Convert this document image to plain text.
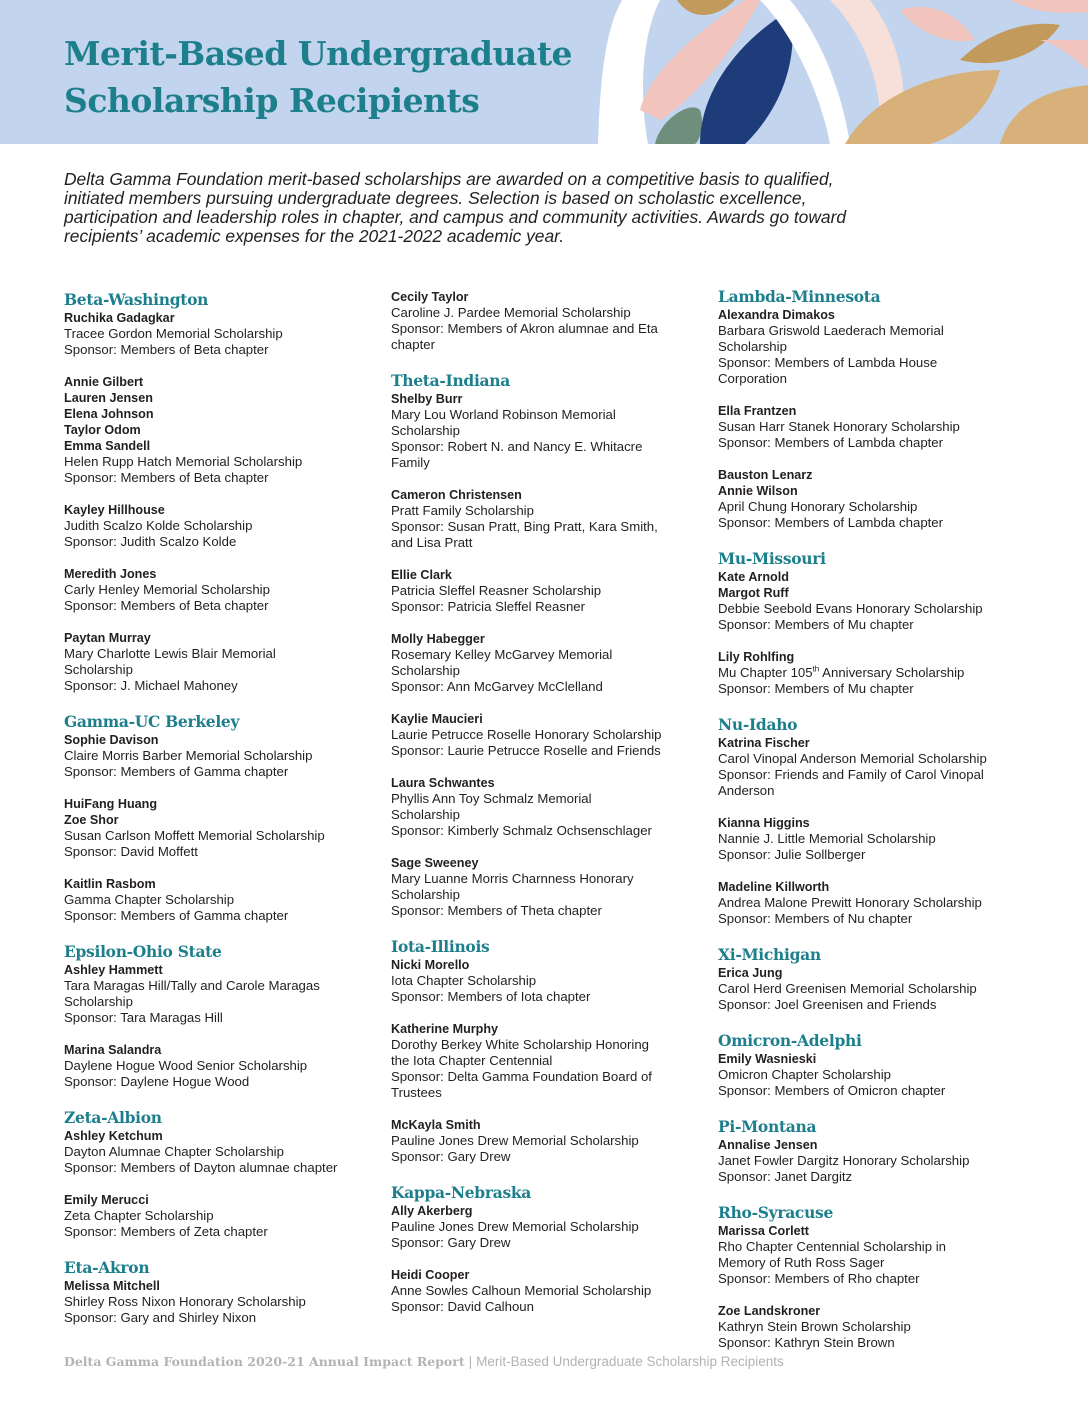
Merit-Based Undergraduate
Scholarship Recipients

Delta Gamma Foundation merit-based scholarships are awarded on a competitive basis to qualified,
initiated members pursuing undergraduate degrees. Selection is based on scholastic excellence,
participation and leadership roles in chapter, and campus and community activities. Awards go toward
recipients’ academic expenses for the 2021-2022 academic year.

Beta-Washington
Ruchika Gadagkar
Tracee Gordon Memorial Scholarship
Sponsor: Members of Beta chapter
Annie Gilbert
Lauren Jensen
Elena Johnson
Taylor Odom
Emma Sandell
Helen Rupp Hatch Memorial Scholarship
Sponsor: Members of Beta chapter
Kayley Hillhouse
Judith Scalzo Kolde Scholarship
Sponsor: Judith Scalzo Kolde
Meredith Jones
Carly Henley Memorial Scholarship
Sponsor: Members of Beta chapter
Paytan Murray
Mary Charlotte Lewis Blair Memorial
Scholarship
Sponsor: J. Michael Mahoney
Gamma-UC Berkeley
Sophie Davison
Claire Morris Barber Memorial Scholarship
Sponsor: Members of Gamma chapter
HuiFang Huang
Zoe Shor
Susan Carlson Moffett Memorial Scholarship
Sponsor: David Moffett
Kaitlin Rasbom
Gamma Chapter Scholarship
Sponsor: Members of Gamma chapter
Epsilon-Ohio State
Ashley Hammett
Tara Maragas Hill/Tally and Carole Maragas
Scholarship
Sponsor: Tara Maragas Hill
Marina Salandra
Daylene Hogue Wood Senior Scholarship
Sponsor: Daylene Hogue Wood
Zeta-Albion
Ashley Ketchum
Dayton Alumnae Chapter Scholarship
Sponsor: Members of Dayton alumnae chapter
Emily Merucci
Zeta Chapter Scholarship
Sponsor: Members of Zeta chapter
Eta-Akron
Melissa Mitchell
Shirley Ross Nixon Honorary Scholarship
Sponsor: Gary and Shirley Nixon
Cecily Taylor
Caroline J. Pardee Memorial Scholarship
Sponsor: Members of Akron alumnae and Eta
chapter
Theta-Indiana
Shelby Burr
Mary Lou Worland Robinson Memorial
Scholarship
Sponsor: Robert N. and Nancy E. Whitacre
Family
Cameron Christensen
Pratt Family Scholarship
Sponsor: Susan Pratt, Bing Pratt, Kara Smith,
and Lisa Pratt
Ellie Clark
Patricia Sleffel Reasner Scholarship
Sponsor: Patricia Sleffel Reasner
Molly Habegger
Rosemary Kelley McGarvey Memorial
Scholarship
Sponsor: Ann McGarvey McClelland
Kaylie Maucieri
Laurie Petrucce Roselle Honorary Scholarship
Sponsor: Laurie Petrucce Roselle and Friends
Laura Schwantes
Phyllis Ann Toy Schmalz Memorial
Scholarship
Sponsor: Kimberly Schmalz Ochsenschlager
Sage Sweeney
Mary Luanne Morris Charnness Honorary
Scholarship
Sponsor: Members of Theta chapter
Iota-Illinois
Nicki Morello
Iota Chapter Scholarship
Sponsor: Members of Iota chapter
Katherine Murphy
Dorothy Berkey White Scholarship Honoring
the Iota Chapter Centennial
Sponsor: Delta Gamma Foundation Board of
Trustees
McKayla Smith
Pauline Jones Drew Memorial Scholarship
Sponsor: Gary Drew
Kappa-Nebraska
Ally Akerberg
Pauline Jones Drew Memorial Scholarship
Sponsor: Gary Drew
Heidi Cooper
Anne Sowles Calhoun Memorial Scholarship
Sponsor: David Calhoun
Lambda-Minnesota
Alexandra Dimakos
Barbara Griswold Laederach Memorial
Scholarship
Sponsor: Members of Lambda House
Corporation
Ella Frantzen
Susan Harr Stanek Honorary Scholarship
Sponsor: Members of Lambda chapter
Bauston Lenarz
Annie Wilson
April Chung Honorary Scholarship
Sponsor: Members of Lambda chapter
Mu-Missouri
Kate Arnold
Margot Ruff
Debbie Seebold Evans Honorary Scholarship
Sponsor: Members of Mu chapter
Lily Rohlfing
Mu Chapter 105th Anniversary Scholarship
Sponsor: Members of Mu chapter
Nu-Idaho
Katrina Fischer
Carol Vinopal Anderson Memorial Scholarship
Sponsor: Friends and Family of Carol Vinopal
Anderson
Kianna Higgins
Nannie J. Little Memorial Scholarship
Sponsor: Julie Sollberger
Madeline Killworth
Andrea Malone Prewitt Honorary Scholarship
Sponsor: Members of Nu chapter
Xi-Michigan
Erica Jung
Carol Herd Greenisen Memorial Scholarship
Sponsor: Joel Greenisen and Friends
Omicron-Adelphi
Emily Wasnieski
Omicron Chapter Scholarship
Sponsor: Members of Omicron chapter
Pi-Montana
Annalise Jensen
Janet Fowler Dargitz Honorary Scholarship
Sponsor: Janet Dargitz
Rho-Syracuse
Marissa Corlett
Rho Chapter Centennial Scholarship in
Memory of Ruth Ross Sager
Sponsor: Members of Rho chapter
Zoe Landskroner
Kathryn Stein Brown Scholarship
Sponsor: Kathryn Stein Brown
Delta Gamma Foundation 2020-21 Annual Impact Report | Merit-Based Undergraduate Scholarship Recipients
